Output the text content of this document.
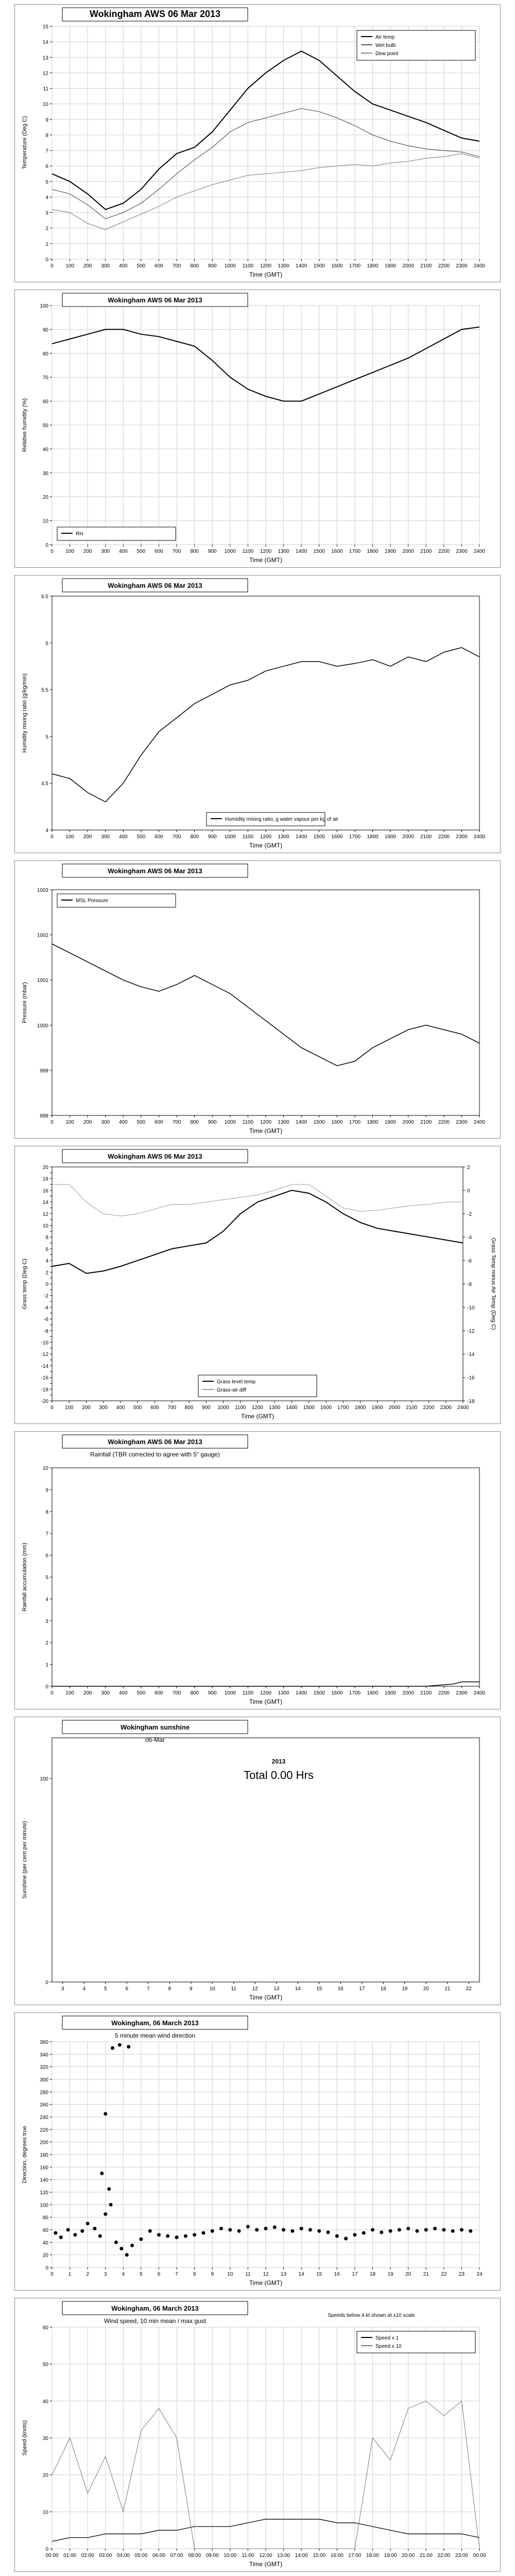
0 100 200 300 400 500 600 700 800 900 1000 1100 1200 1300 1400 1500 1600 1700 1800 1900 2000 2100 2200 2300 2400
0
1
2
3
4
5
6
7
8
9
10
11
12
13
14
15
Time (GMT)
Temperature (Deg C)
Wokingham AWS 06 Mar 2013
Air temp
Wet bulb
Dew point
0 100 200 300 400 500 600 700 800 900 1000 1100 1200 1300 1400 1500 1600 1700 1800 1900 2000 2100 2200 2300 2400
0
10
20
30
40
50
60
70
80
90
100
Time (GMT)
Relative humidity (%)
Wokingham AWS 06 Mar 2013
RH
0 100 200 300 400 500 600 700 800 900 1000 1100 1200 1300 1400 1500 1600 1700 1800 1900 2000 2100 2200 2300 2400
4
4.5
5
5.5
6
6.5
Time (GMT)
Humidity mixing ratio (g/kg/min)
Wokingham AWS 06 Mar 2013
Humidity mixing ratio, g water vapour per kg of air
0 100 200 300 400 500 600 700 800 900 1000 1100 1200 1300 1400 1500 1600 1700 1800 1900 2000 2100 2200 2300 2400
998
999
1000
1001
1002
1003
Time (GMT)
Pressure (mbar)
Wokingham AWS 06 Mar 2013
MSL Pressure
0 100 200 300 400 500 600 700 800 900 1000 1100 1200 1300 1400 1500 1600 1700 1800 1900 2000 2100 2200 2300 2400
-20
-18
-16
-14
-12
-10
-8
-6
-4
-2
0
2
4
6
8
10
12
14
16
18
20
-18
-16
-14
-12
-10
-8
-6
-4
-2
0
2
Grass Temp minus Air Temp (Deg C)
Time (GMT)
Grass temp (Deg C)
Wokingham AWS 06 Mar 2013
Grass level temp
Grass-air diff
0 100 200 300 400 500 600 700 800 900 1000 1100 1200 1300 1400 1500 1600 1700 1800 1900 2000 2100 2200 2300 2400
0
1
2
3
4
5
6
7
8
9
10
Time (GMT)
Rainfall accumulation (mm)
Wokingham AWS 06 Mar 2013
Rainfall (TBR corrected to agree with 5" gauge)
3	4	5	6	7	8	9	10	11	12	13	14	15	16	17	18	19	20	21	22
0
100
Time (GMT)
Sunshine (per cent per minute)
Wokingham sunshine
06-Mar
2013
Total 0.00 Hrs
0	1	2	3	4	5	6	7	8	9	10 11 12 13 14 15 16 17 18 19 20 21 22 23 24
0
20
40
60
80
100
120
140
160
180
200
220
240
260
280
300
320
340
360
Time (GMT)
Direction, degrees true
Wokingham, 06 March 2013
5 minute mean wind direction
00:00 01:00 02:00 03:00 04:00 05:00 06:00 07:00 08:00 09:00 10:00 11:00 12:00 13:00 14:00 15:00 16:00 17:00 18:00 19:00 20:00 21:00 22:00 23:00 00:00
0
10
20
30
40
50
60
Time (GMT)
Speed (knots)
Wokingham, 06 March 2013
Wind speed, 10 min mean / max gust
Speeds below 4 kt shown at x10 scale
Speed x 1
Speed x 10
